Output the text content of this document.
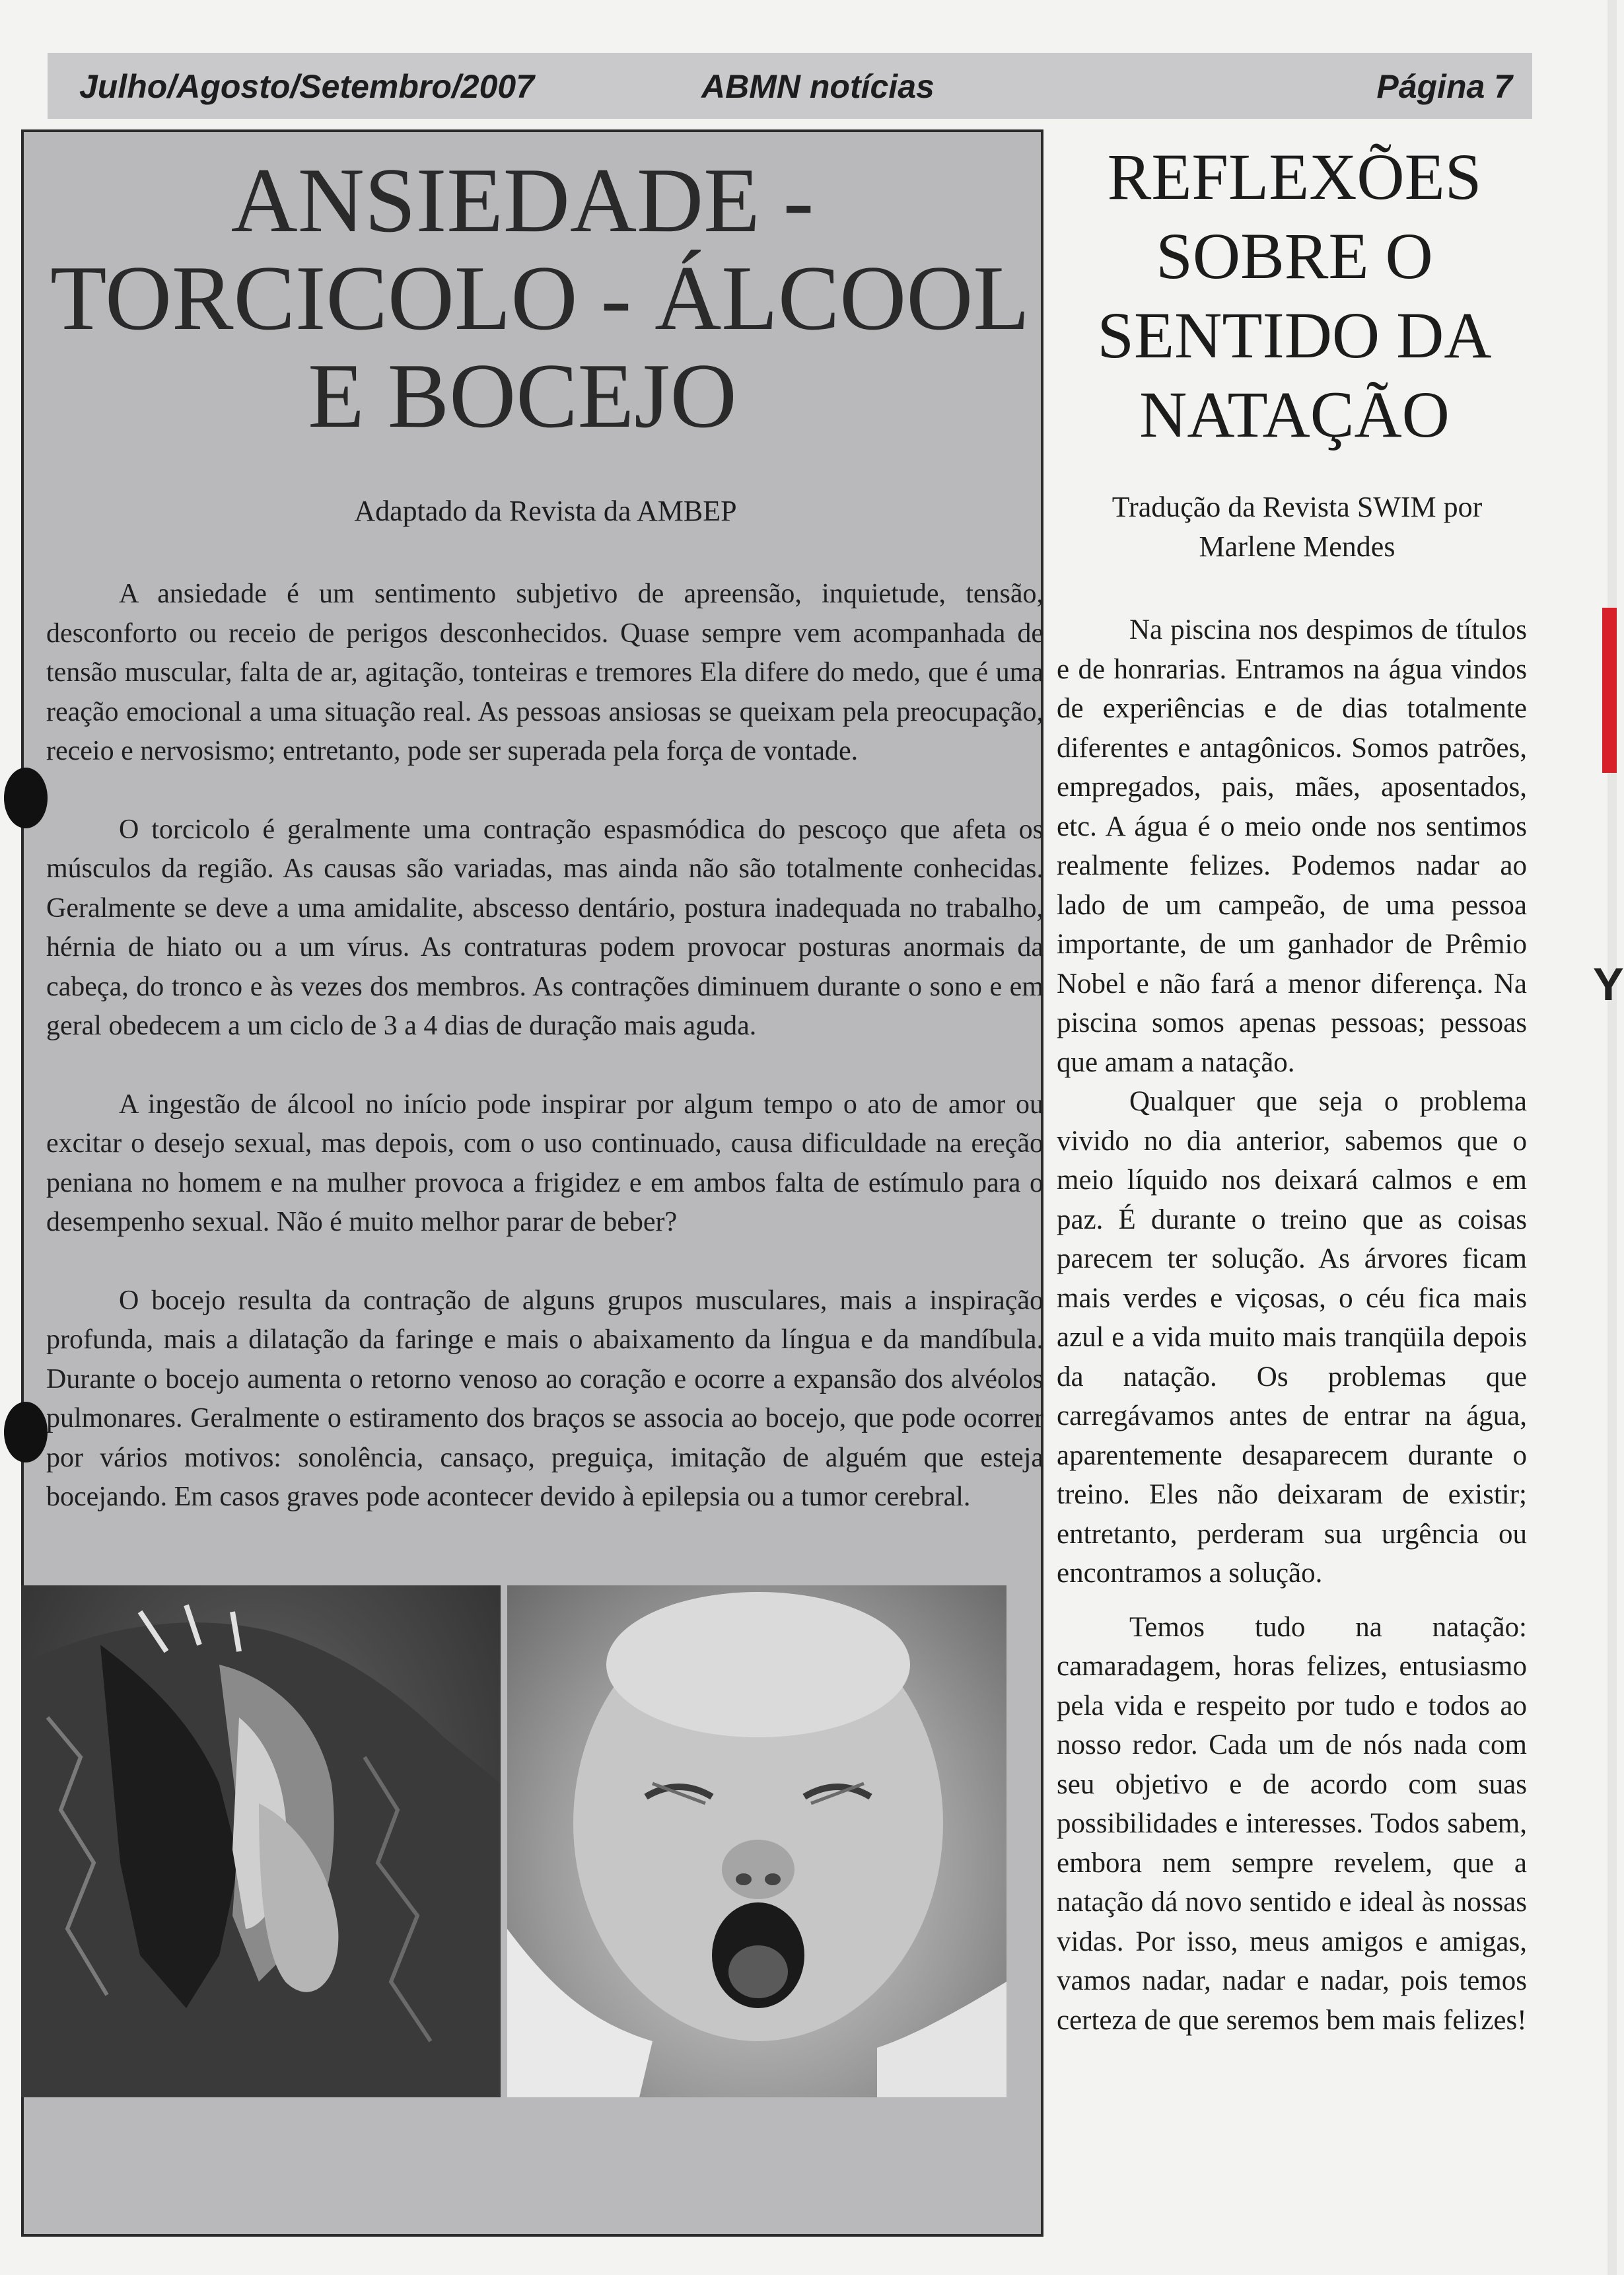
Y
Julho/Agosto/Setembro/2007	ABMN notícias	Página 7
ANSIEDADE -
TORCICOLO - ÁLCOOL
E BOCEJO
Adaptado da Revista da AMBEP

A ansiedade é um sentimento subjetivo de apreensão, inquietude, tensão, desconforto ou receio de perigos desconhecidos. Quase sempre vem acompanhada de tensão muscular, falta de ar, agitação, tonteiras e tremores Ela difere do medo, que é uma reação emocional a uma situação real. As pessoas ansiosas se queixam pela preocupação, receio e nervosismo; entretanto, pode ser superada pela força de vontade.

O torcicolo é geralmente uma contração espasmódica do pescoço que afeta os músculos da região. As causas são variadas, mas ainda não são totalmente conhecidas. Geralmente se deve a uma amidalite, abscesso dentário, postura inadequada no trabalho, hérnia de hiato ou a um vírus. As contraturas podem provocar posturas anormais da cabeça, do tronco e às vezes dos membros. As contrações diminuem durante o sono e em geral obedecem a um ciclo de 3 a 4 dias de duração mais aguda.

A ingestão de álcool no início pode inspirar por algum tempo o ato de amor ou excitar o desejo sexual, mas depois, com o uso continuado, causa dificuldade na ereção peniana no homem e na mulher provoca a frigidez e em ambos falta de estímulo para o desempenho sexual. Não é muito melhor parar de beber?

O bocejo resulta da contração de alguns grupos musculares, mais a inspiração profunda, mais a dilatação da faringe e mais o abaixamento da língua e da mandíbula. Durante o bocejo aumenta o retorno venoso ao coração e ocorre a expansão dos alvéolos pulmonares. Geralmente o estiramento dos braços se associa ao bocejo, que pode ocorrer por vários motivos: sonolência, cansaço, preguiça, imitação de alguém que esteja bocejando. Em casos graves pode acontecer devido à epilepsia ou a tumor cerebral.

REFLEXÕES
SOBRE O
SENTIDO DA
NATAÇÃO
Tradução da Revista SWIM por
Marlene Mendes

Na piscina nos despimos de títulos e de honrarias. Entramos na água vindos de experiências e de dias totalmente diferentes e antagônicos. Somos patrões, empregados, pais, mães, aposentados, etc. A água é o meio onde nos sentimos realmente felizes. Podemos nadar ao lado de um campeão, de uma pessoa importante, de um ganhador de Prêmio Nobel e não fará a menor diferença. Na piscina somos apenas pessoas; pessoas que amam a natação.

Qualquer que seja o problema vivido no dia anterior, sabemos que o meio líquido nos deixará calmos e em paz. É durante o treino que as coisas parecem ter solução. As árvores ficam mais verdes e viçosas, o céu fica mais azul e a vida muito mais tranqüila depois da natação. Os problemas que carregávamos antes de entrar na água, aparentemente desaparecem durante o treino. Eles não deixaram de existir; entretanto, perderam sua urgência ou encontramos a solução.

Temos tudo na natação: camaradagem, horas felizes, entusiasmo pela vida e respeito por tudo e todos ao nosso redor. Cada um de nós nada com seu objetivo e de acordo com suas possibilidades e interesses. Todos sabem, embora nem sempre revelem, que a natação dá novo sentido e ideal às nossas vidas. Por isso, meus amigos e amigas, vamos nadar, nadar e nadar, pois temos certeza de que seremos bem mais felizes!
